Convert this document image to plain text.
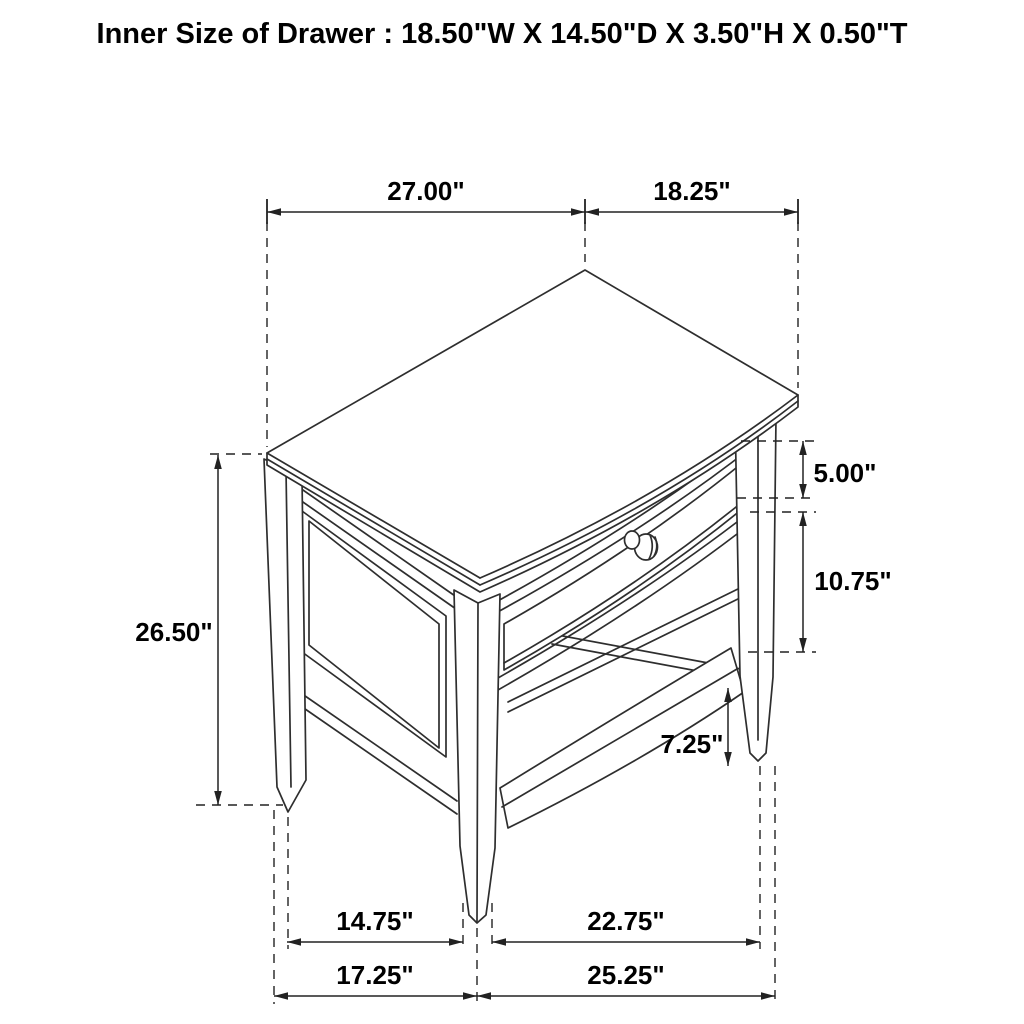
27.00"	18.25"
26.50"
5.00"
10.75"
7.25"
14.75"	22.75"
17.25"	25.25"
Inner Size of Drawer : 18.50"W X 14.50"D X 3.50"H X 0.50"T
